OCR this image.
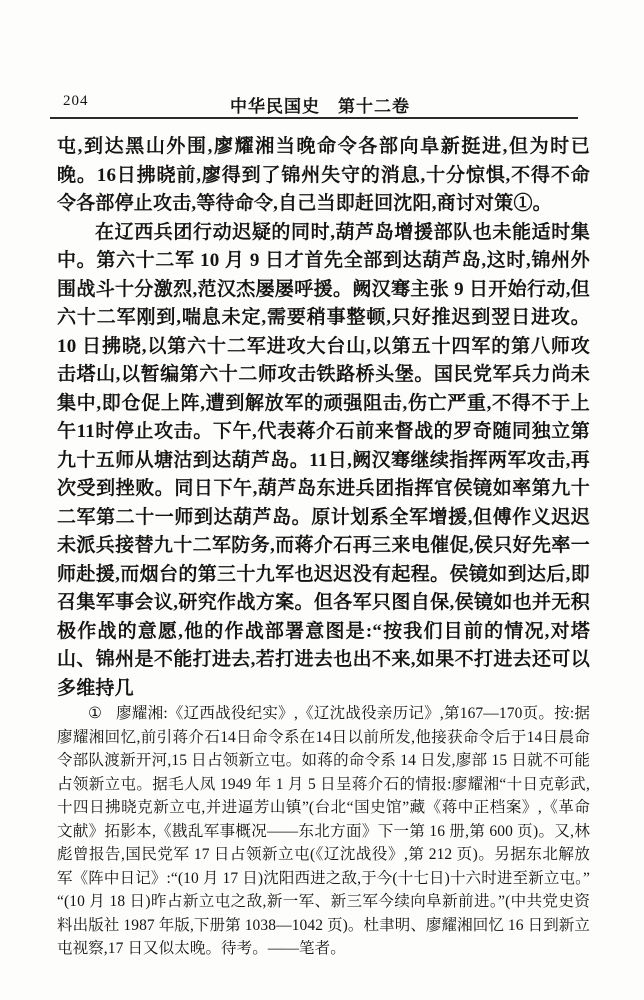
204	中华民国史　第十二卷

屯,到达黑山外围,廖耀湘当晚命令各部向阜新挺进,但为时已晚。16日拂晓前,廖得到了锦州失守的消息,十分惊惧,不得不命令各部停止攻击,等待命令,自己当即赶回沈阳,商讨对策①。

在辽西兵团行动迟疑的同时,葫芦岛增援部队也未能适时集中。第六十二军 10 月 9 日才首先全部到达葫芦岛,这时,锦州外围战斗十分激烈,范汉杰屡屡呼援。阙汉骞主张 9 日开始行动,但六十二军刚到,喘息未定,需要稍事整顿,只好推迟到翌日进攻。10 日拂晓,以第六十二军进攻大台山,以第五十四军的第八师攻击塔山,以暂编第六十二师攻击铁路桥头堡。国民党军兵力尚未集中,即仓促上阵,遭到解放军的顽强阻击,伤亡严重,不得不于上午11时停止攻击。下午,代表蒋介石前来督战的罗奇随同独立第九十五师从塘沽到达葫芦岛。11日,阙汉骞继续指挥两军攻击,再次受到挫败。同日下午,葫芦岛东进兵团指挥官侯镜如率第九十二军第二十一师到达葫芦岛。原计划系全军增援,但傅作义迟迟未派兵接替九十二军防务,而蒋介石再三来电催促,侯只好先率一师赴援,而烟台的第三十九军也迟迟没有起程。侯镜如到达后,即召集军事会议,研究作战方案。但各军只图自保,侯镜如也并无积极作战的意愿,他的作战部署意图是:“按我们目前的情况,对塔山、锦州是不能打进去,若打进去也出不来,如果不打进去还可以多维持几

① 廖耀湘:《辽西战役纪实》,《辽沈战役亲历记》,第167—170页。按:据廖耀湘回忆,前引蒋介石14日命令系在14日以前所发,他接获命令后于14日晨命令部队渡新开河,15 日占领新立屯。如蒋的命令系 14 日发,廖部 15 日就不可能占领新立屯。据毛人凤 1949 年 1 月 5 日呈蒋介石的情报:廖耀湘“十日克彰武,十四日拂晓克新立屯,并进逼芳山镇”(台北“国史馆”藏《蒋中正档案》,《革命文献》拓影本,《戡乱军事概况——东北方面》下一第 16 册,第 600 页)。又,林彪曾报告,国民党军 17 日占领新立屯(《辽沈战役》,第 212 页)。另据东北解放军《阵中日记》:“(10 月 17 日)沈阳西进之敌,于今(十七日)十六时进至新立屯。”“(10 月 18 日)昨占新立屯之敌,新一军、新三军今续向阜新前进。”(中共党史资料出版社 1987 年版,下册第 1038—1042 页)。杜聿明、廖耀湘回忆 16 日到新立屯视察,17 日又似太晚。待考。——笔者。
